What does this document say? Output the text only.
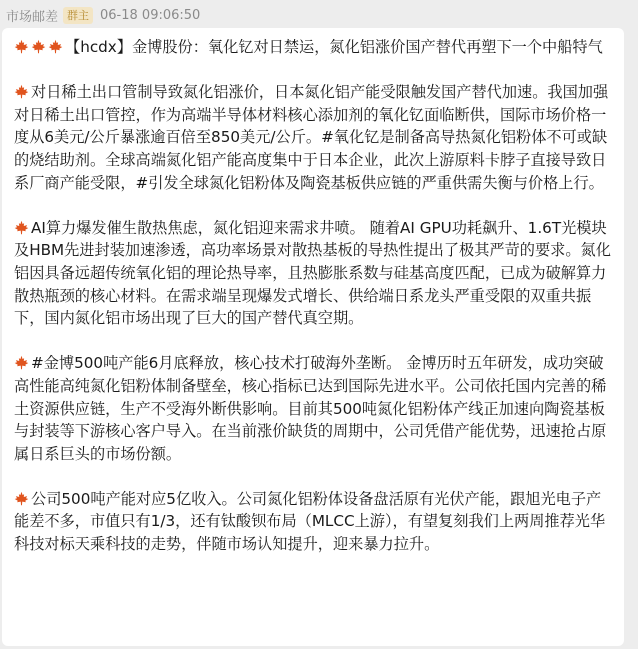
市场邮差 群主 06-18 09:06:50

【hcdx】金博股份：氧化钇对日禁运，氮化铝涨价国产替代再塑下一个中船特气

对日稀土出口管制导致氮化铝涨价，日本氮化铝产能受限触发国产替代加速。我国加强对日稀土出口管控，作为高端半导体材料核心添加剂的氧化钇面临断供，国际市场价格一度从6美元/公斤暴涨逾百倍至850美元/公斤。#氧化钇是制备高导热氮化铝粉体不可或缺的烧结助剂。全球高端氮化铝产能高度集中于日本企业，此次上游原料卡脖子直接导致日系厂商产能受限，#引发全球氮化铝粉体及陶瓷基板供应链的严重供需失衡与价格上行。

AI算力爆发催生散热焦虑，氮化铝迎来需求井喷。 随着AI GPU功耗飙升、1.6T光模块及HBM先进封装加速渗透，高功率场景对散热基板的导热性提出了极其严苛的要求。氮化铝因具备远超传统氧化铝的理论热导率，且热膨胀系数与硅基高度匹配，已成为破解算力散热瓶颈的核心材料。在需求端呈现爆发式增长、供给端日系龙头严重受限的双重共振下，国内氮化铝市场出现了巨大的国产替代真空期。

#金博500吨产能6月底释放，核心技术打破海外垄断。 金博历时五年研发，成功突破高性能高纯氮化铝粉体制备壁垒，核心指标已达到国际先进水平。公司依托国内完善的稀土资源供应链，生产不受海外断供影响。目前其500吨氮化铝粉体产线正加速向陶瓷基板与封装等下游核心客户导入。在当前涨价缺货的周期中，公司凭借产能优势，迅速抢占原属日系巨头的市场份额。

公司500吨产能对应5亿收入。公司氮化铝粉体设备盘活原有光伏产能，跟旭光电子产能差不多，市值只有1/3，还有钛酸钡布局（MLCC上游），有望复刻我们上两周推荐光华科技对标天乘科技的走势，伴随市场认知提升，迎来暴力拉升。
